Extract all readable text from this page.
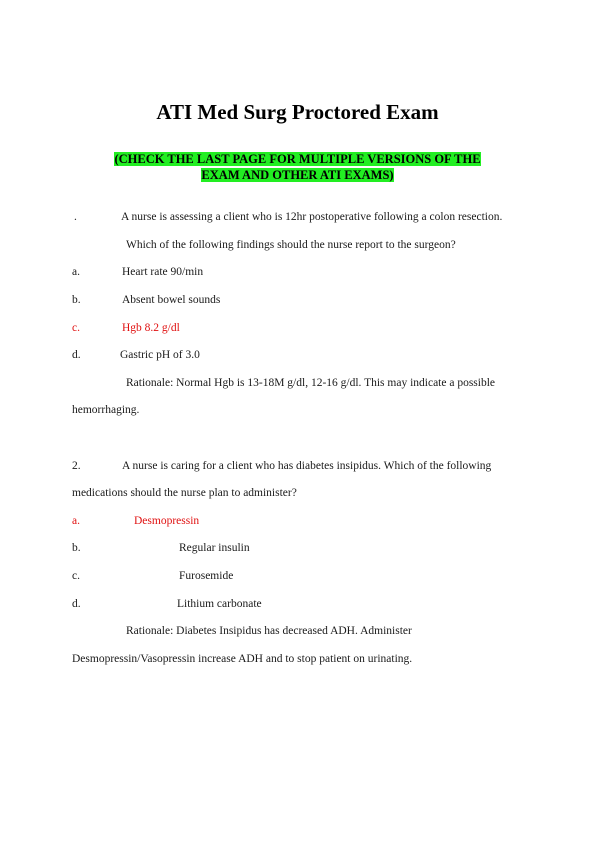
ATI Med Surg Proctored Exam
(CHECK THE LAST PAGE FOR MULTIPLE VERSIONS OF THE
EXAM AND OTHER ATI EXAMS)
.	A nurse is assessing a client who is 12hr postoperative following a colon resection.
Which of the following findings should the nurse report to the surgeon?
a.	Heart rate 90/min
b.	Absent bowel sounds
c.	Hgb 8.2 g/dl
d.	Gastric pH of 3.0
Rationale: Normal Hgb is 13-18M g/dl, 12-16 g/dl. This may indicate a possible
hemorrhaging.
2.	A nurse is caring for a client who has diabetes insipidus. Which of the following
medications should the nurse plan to administer?
a.	Desmopressin
b.	Regular insulin
c.	Furosemide
d.	Lithium carbonate
Rationale: Diabetes Insipidus has decreased ADH. Administer
Desmopressin/Vasopressin increase ADH and to stop patient on urinating.
